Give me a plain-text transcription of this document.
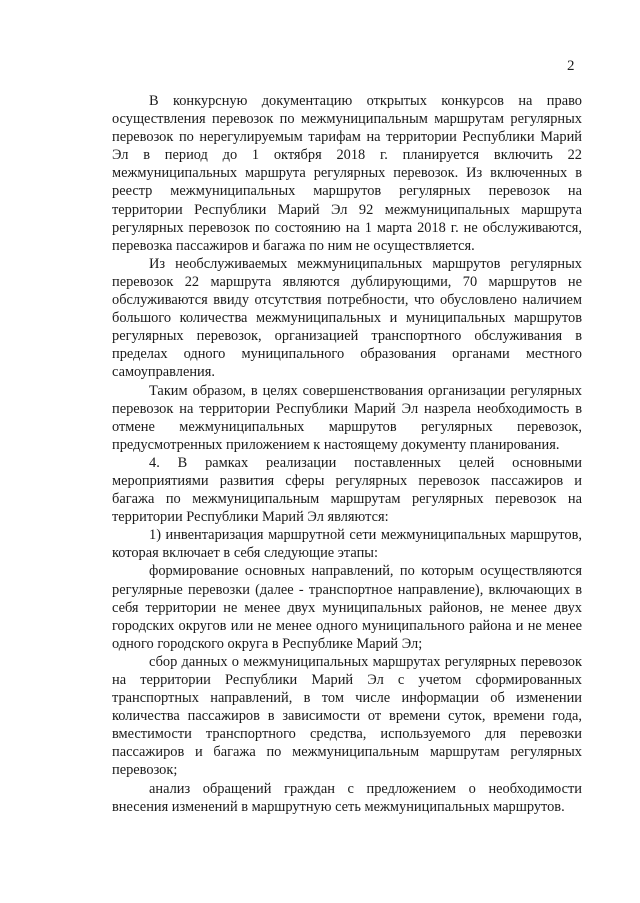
2

В конкурсную документацию открытых конкурсов на право осуществления перевозок по межмуниципальным маршрутам регулярных перевозок по нерегулируемым тарифам на территории Республики Марий Эл в период до 1 октября 2018 г. планируется включить 22 межмуниципальных маршрута регулярных перевозок. Из включенных в реестр межмуниципальных маршрутов регулярных перевозок на территории Республики Марий Эл 92 межмуниципальных маршрута регулярных перевозок по состоянию на 1 марта 2018 г. не обслуживаются, перевозка пассажиров и багажа по ним не осуществляется.

Из необслуживаемых межмуниципальных маршрутов регулярных перевозок 22 маршрута являются дублирующими, 70 маршрутов не обслуживаются ввиду отсутствия потребности, что обусловлено наличием большого количества межмуниципальных и муниципальных маршрутов регулярных перевозок, организацией транспортного обслуживания в пределах одного муниципального образования органами местного самоуправления.

Таким образом, в целях совершенствования организации регулярных перевозок на территории Республики Марий Эл назрела необходимость в отмене межмуниципальных маршрутов регулярных перевозок, предусмотренных приложением к настоящему документу планирования.

4. В рамках реализации поставленных целей основными мероприятиями развития сферы регулярных перевозок пассажиров и багажа по межмуниципальным маршрутам регулярных перевозок на территории Республики Марий Эл являются:

1) инвентаризация маршрутной сети межмуниципальных маршрутов, которая включает в себя следующие этапы:

формирование основных направлений, по которым осуществляются регулярные перевозки (далее - транспортное направление), включающих в себя территории не менее двух муниципальных районов, не менее двух городских округов или не менее одного муниципального района и не менее одного городского округа в Республике Марий Эл;

сбор данных о межмуниципальных маршрутах регулярных перевозок на территории Республики Марий Эл с учетом сформированных транспортных направлений, в том числе информации об изменении количества пассажиров в зависимости от времени суток, времени года, вместимости транспортного средства, используемого для перевозки пассажиров и багажа по межмуниципальным маршрутам регулярных перевозок;

анализ обращений граждан с предложением о необходимости внесения изменений в маршрутную сеть межмуниципальных маршрутов.
